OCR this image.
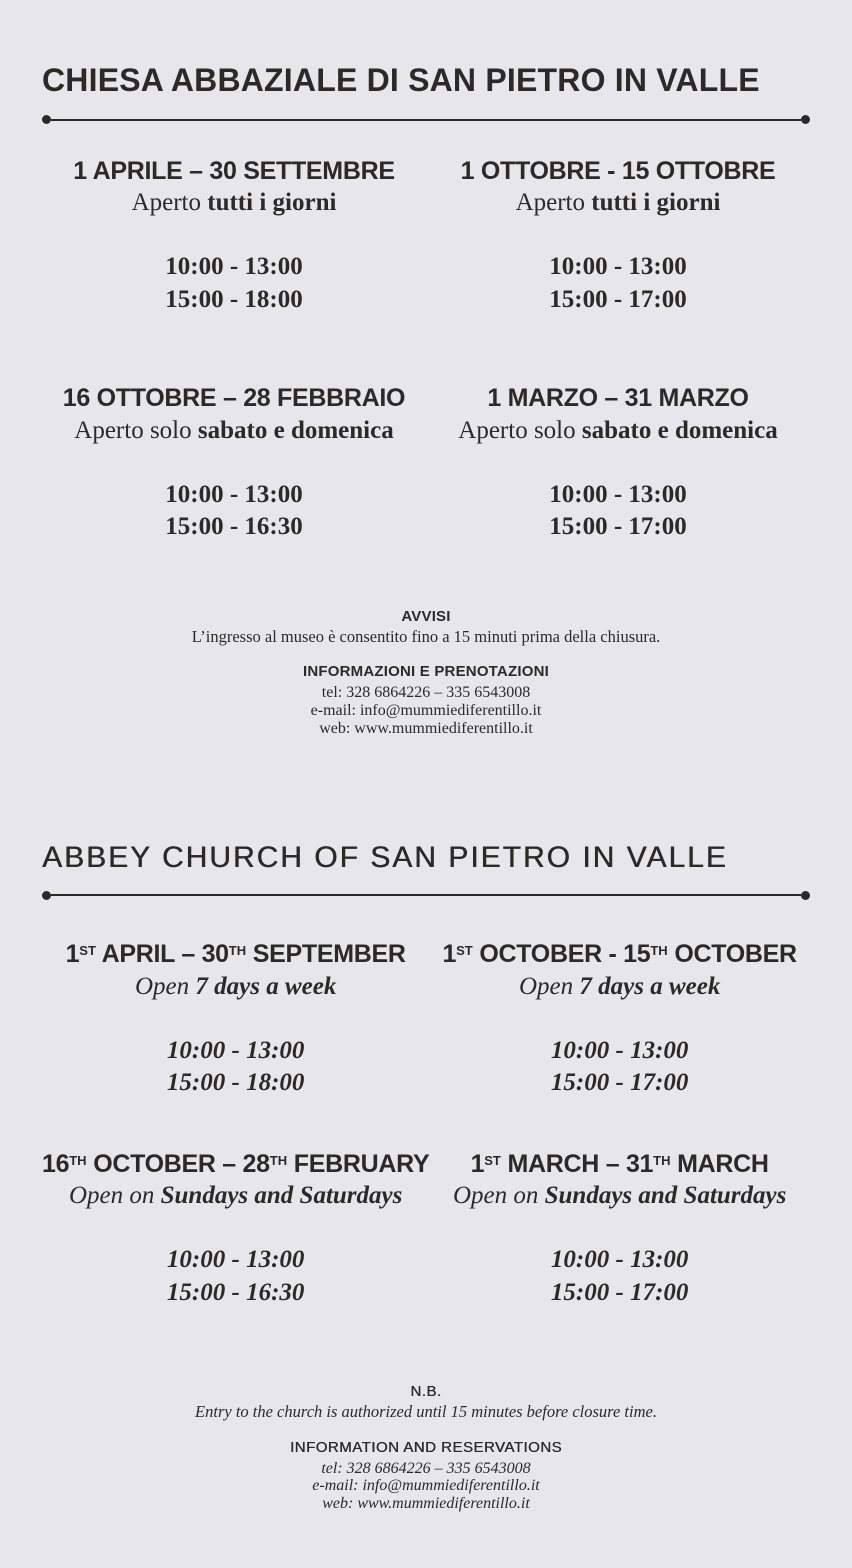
CHIESA ABBAZIALE DI SAN PIETRO IN VALLE
1 APRILE – 30 SETTEMBRE

Aperto tutti i giorni

10:00 - 13:00

15:00 - 18:00

1 OTTOBRE - 15 OTTOBRE

Aperto tutti i giorni

10:00 - 13:00

15:00 - 17:00

16 OTTOBRE – 28 FEBBRAIO

Aperto solo sabato e domenica

10:00 - 13:00

15:00 - 16:30

1 MARZO – 31 MARZO

Aperto solo sabato e domenica

10:00 - 13:00

15:00 - 17:00

AVVISI

L’ingresso al museo è consentito fino a 15 minuti prima della chiusura.

INFORMAZIONI E PRENOTAZIONI

tel: 328 6864226 – 335 6543008

e-mail: info@mummiediferentillo.it

web: www.mummiediferentillo.it

ABBEY CHURCH OF SAN PIETRO IN VALLE
1ST APRIL – 30TH SEPTEMBER

Open 7 days a week

10:00 - 13:00

15:00 - 18:00

1ST OCTOBER - 15TH OCTOBER

Open 7 days a week

10:00 - 13:00

15:00 - 17:00

16TH OCTOBER – 28TH FEBRUARY

Open on Sundays and Saturdays

10:00 - 13:00

15:00 - 16:30

1ST MARCH – 31TH MARCH

Open on Sundays and Saturdays

10:00 - 13:00

15:00 - 17:00

N.B.

Entry to the church is authorized until 15 minutes before closure time.

INFORMATION AND RESERVATIONS

tel: 328 6864226 – 335 6543008

e-mail: info@mummiediferentillo.it

web: www.mummiediferentillo.it
